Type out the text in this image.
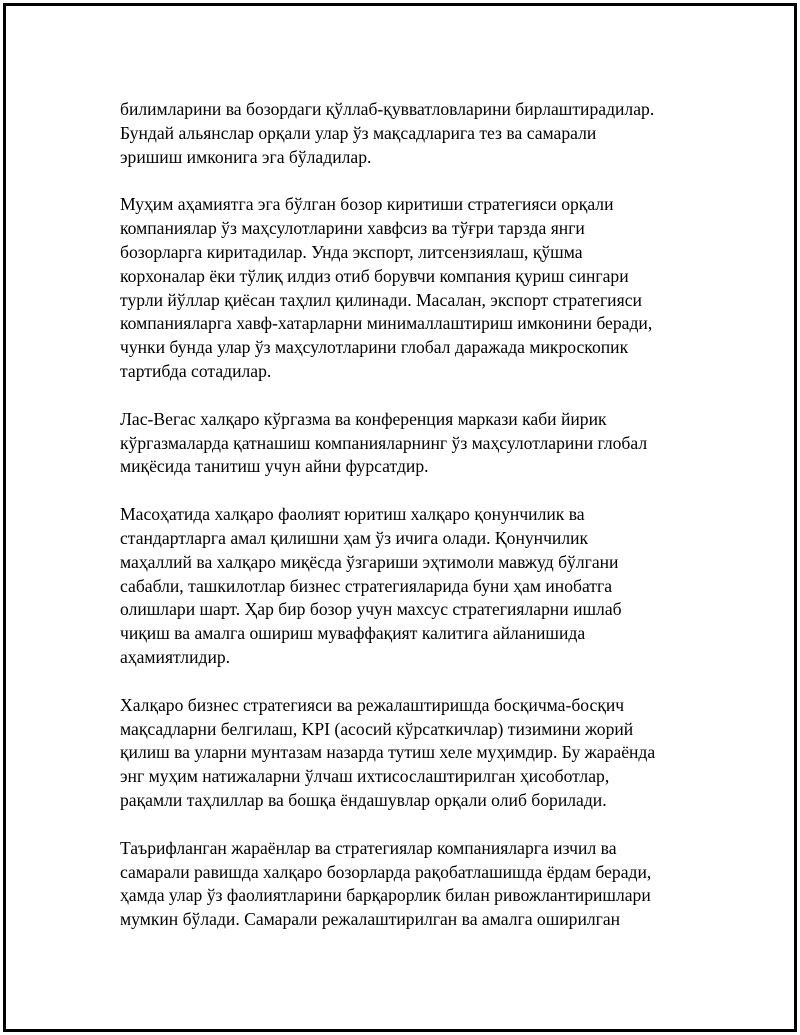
билимларини ва бозордаги қўллаб-қувватловларини бирлаштирадилар.
Бундай альянслар орқали улар ўз мақсадларига тез ва самарали
эришиш имконига эга бўладилар.

Муҳим аҳамиятга эга бўлган бозор киритиши стратегияси орқали
компаниялар ўз маҳсулотларини хавфсиз ва тўғри тарзда янги
бозорларга киритадилар. Унда экспорт, литсензиялаш, қўшма
корхоналар ёки тўлиқ илдиз отиб борувчи компания қуриш сингари
турли йўллар қиёсан таҳлил қилинади. Масалан, экспорт стратегияси
компанияларга хавф-хатарларни минималлаштириш имконини беради,
чунки бунда улар ўз маҳсулотларини глобал даражада микроскопик
тартибда сотадилар.

Лас-Вегас халқаро кўргазма ва конференция маркази каби йирик
кўргазмаларда қатнашиш компанияларнинг ўз маҳсулотларини глобал
миқёсида танитиш учун айни фурсатдир.

Масоҳатида халқаро фаолият юритиш халқаро қонунчилик ва
стандартларга амал қилишни ҳам ўз ичига олади. Қонунчилик
маҳаллий ва халқаро миқёсда ўзгариши эҳтимоли мавжуд бўлгани
сабабли, ташкилотлар бизнес стратегияларида буни ҳам инобатга
олишлари шарт. Ҳар бир бозор учун махсус стратегияларни ишлаб
чиқиш ва амалга ошириш муваффақият калитига айланишида
аҳамиятлидир.

Халқаро бизнес стратегияси ва режалаштиришда босқичма-босқич
мақсадларни белгилаш, KPI (асосий кўрсаткичлар) тизимини жорий
қилиш ва уларни мунтазам назарда тутиш хеле муҳимдир. Бу жараёнда
энг муҳим натижаларни ўлчаш ихтисослаштирилган ҳисоботлар,
рақамли таҳлиллар ва бошқа ёндашувлар орқали олиб борилади.

Таърифланган жараёнлар ва стратегиялар компанияларга изчил ва
самарали равишда халқаро бозорларда рақобатлашишда ёрдам беради,
ҳамда улар ўз фаолиятларини барқарорлик билан ривожлантиришлари
мумкин бўлади. Самарали режалаштирилган ва амалга оширилган
